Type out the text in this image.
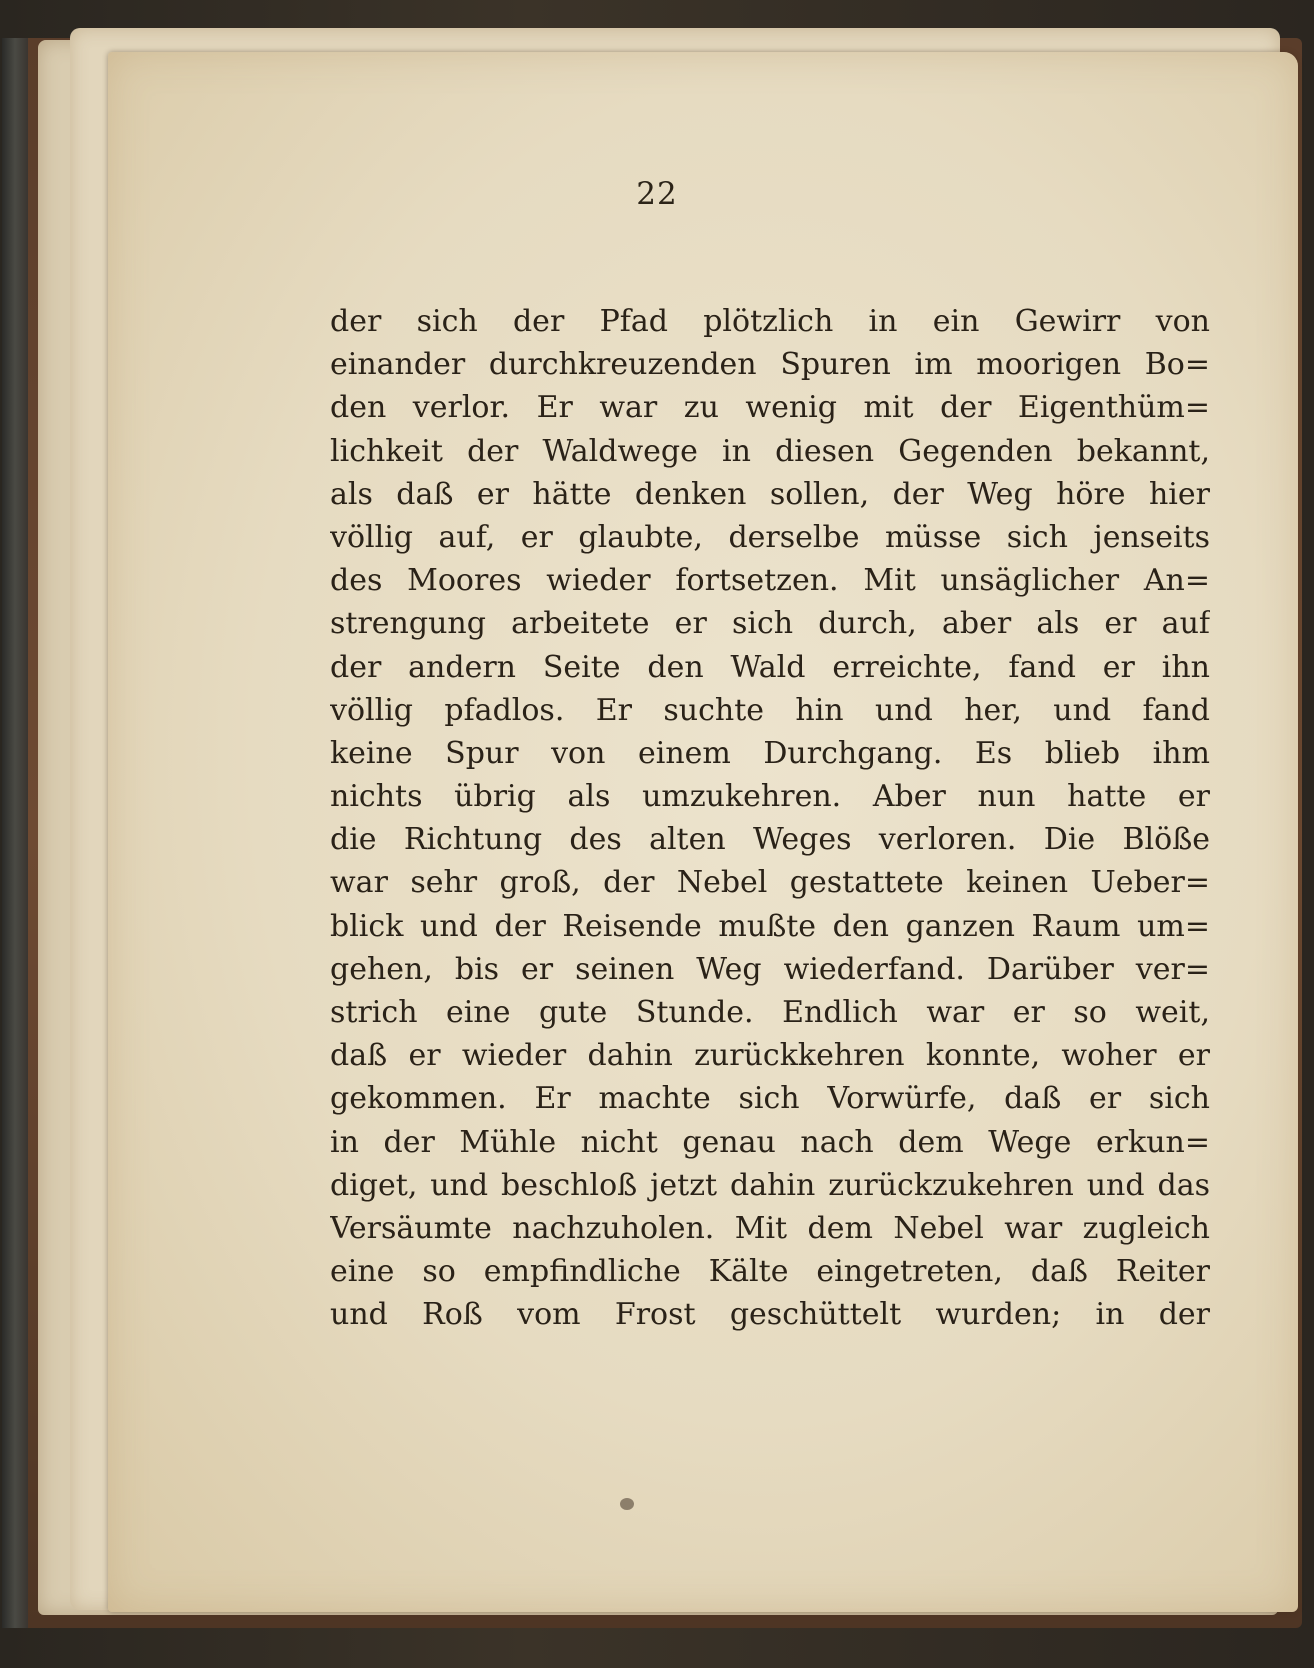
22
der sich der Pfad plötzlich in ein Gewirr von
einander durchkreuzenden Spuren im moorigen Bo=
den verlor. Er war zu wenig mit der Eigenthüm=
lichkeit der Waldwege in diesen Gegenden bekannt,
als daß er hätte denken sollen, der Weg höre hier
völlig auf, er glaubte, derselbe müsse sich jenseits
des Moores wieder fortsetzen. Mit unsäglicher An=
strengung arbeitete er sich durch, aber als er auf
der andern Seite den Wald erreichte, fand er ihn
völlig pfadlos. Er suchte hin und her, und fand
keine Spur von einem Durchgang. Es blieb ihm
nichts übrig als umzukehren. Aber nun hatte er
die Richtung des alten Weges verloren. Die Blöße
war sehr groß, der Nebel gestattete keinen Ueber=
blick und der Reisende mußte den ganzen Raum um=
gehen, bis er seinen Weg wiederfand. Darüber ver=
strich eine gute Stunde. Endlich war er so weit,
daß er wieder dahin zurückkehren konnte, woher er
gekommen. Er machte sich Vorwürfe, daß er sich
in der Mühle nicht genau nach dem Wege erkun=
diget, und beschloß jetzt dahin zurückzukehren und das
Versäumte nachzuholen. Mit dem Nebel war zugleich
eine so empfindliche Kälte eingetreten, daß Reiter
und Roß vom Frost geschüttelt wurden; in der
